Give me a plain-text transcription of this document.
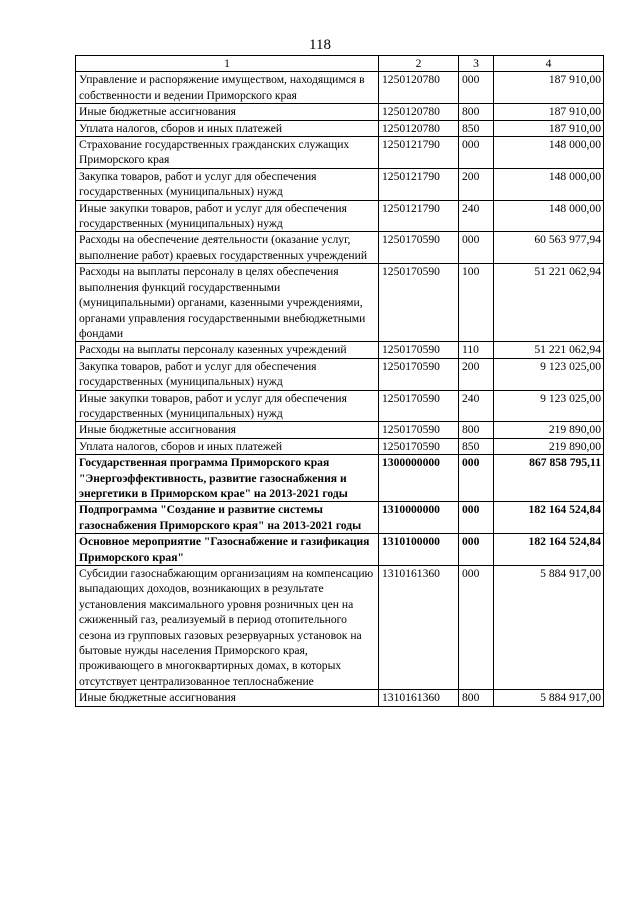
118
1	2	3	4
Управление и распоряжение имуществом, находящимся в собственности и ведении Приморского края	1250120780	000	187 910,00
Иные бюджетные ассигнования	1250120780	800	187 910,00
Уплата налогов, сборов и иных платежей	1250120780	850	187 910,00
Страхование государственных гражданских служащих Приморского края	1250121790	000	148 000,00
Закупка товаров, работ и услуг для обеспечения государственных (муниципальных) нужд	1250121790	200	148 000,00
Иные закупки товаров, работ и услуг для обеспечения государственных (муниципальных) нужд	1250121790	240	148 000,00
Расходы на обеспечение деятельности (оказание услуг, выполнение работ) краевых государственных учреждений	1250170590	000	60 563 977,94
Расходы на выплаты персоналу в целях обеспечения выполнения функций государственными (муниципальными) органами, казенными учреждениями, органами управления государственными внебюджетными фондами	1250170590	100	51 221 062,94
Расходы на выплаты персоналу казенных учреждений	1250170590	110	51 221 062,94
Закупка товаров, работ и услуг для обеспечения государственных (муниципальных) нужд	1250170590	200	9 123 025,00
Иные закупки товаров, работ и услуг для обеспечения государственных (муниципальных) нужд	1250170590	240	9 123 025,00
Иные бюджетные ассигнования	1250170590	800	219 890,00
Уплата налогов, сборов и иных платежей	1250170590	850	219 890,00
Государственная программа Приморского края "Энергоэффективность, развитие газоснабжения и энергетики в Приморском крае" на 2013-2021 годы	1300000000	000	867 858 795,11
Подпрограмма "Создание и развитие системы газоснабжения Приморского края" на 2013-2021 годы	1310000000	000	182 164 524,84
Основное мероприятие "Газоснабжение и газификация Приморского края"	1310100000	000	182 164 524,84
Субсидии газоснабжающим организациям на компенсацию выпадающих доходов, возникающих в результате установления максимального уровня розничных цен на сжиженный газ, реализуемый в период отопительного сезона из групповых газовых резервуарных установок на бытовые нужды населения Приморского края, проживающего в многоквартирных домах, в которых отсутствует централизованное теплоснабжение	1310161360	000	5 884 917,00
Иные бюджетные ассигнования	1310161360	800	5 884 917,00
